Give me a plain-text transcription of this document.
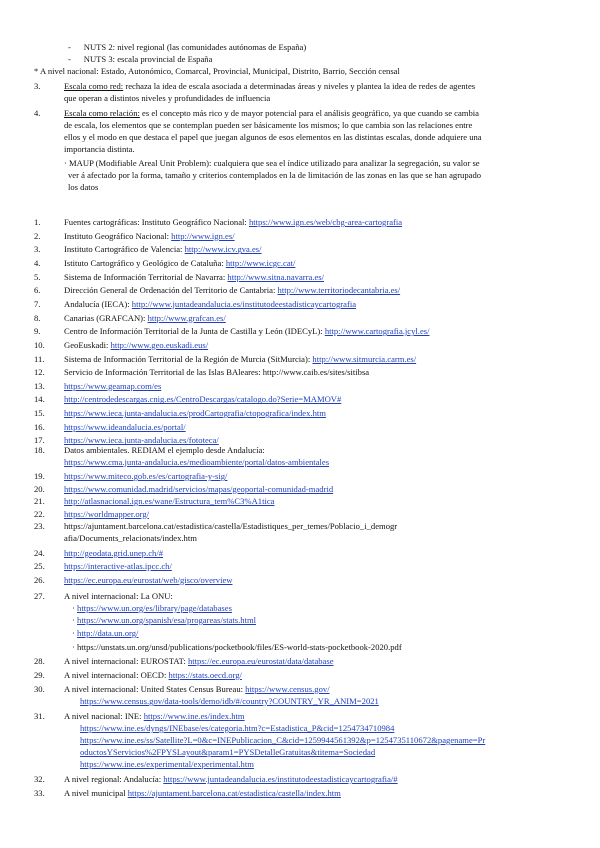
- NUTS 2: nivel regional (las comunidades autónomas de España)
- NUTS 3: escala provincial de España
* A nivel nacional: Estado, Autonómico, Comarcal, Provincial, Municipal, Distrito, Barrio, Sección censal
3.	Escala como red: rechaza la idea de escala asociada a determinadas áreas y niveles y plantea la idea de redes de agentes
que operan a distintos niveles y profundidades de influencia
4.	Escala como relación: es el concepto más rico y de mayor potencial para el análisis geográfico, ya que cuando se cambia
de escala, los elementos que se contemplan pueden ser básicamente los mismos; lo que cambia son las relaciones entre
ellos y el modo en que destaca el papel que juegan algunos de esos elementos en las distintas escalas, donde adquiere una
importancia distinta.
· MAUP (Modifiable Areal Unit Problem): cualquiera que sea el índice utilizado para analizar la segregación, su valor se
ver á afectado por la forma, tamaño y criterios contemplados en la de limitación de las zonas en las que se han agrupado
los datos
1.	Fuentes cartográficas: Instituto Geográfico Nacional: https://www.ign.es/web/cbg-area-cartografia
2.	Instituto Geográfico Nacional: http://www.ign.es/
3.	Instituto Cartográfico de Valencia: http://www.icv.gva.es/
4.	Istituto Cartográfico y Geológico de Cataluña: http://www.icgc.cat/
5.	Sistema de Información Territorial de Navarra: http://www.sitna.navarra.es/
6.	Dirección General de Ordenación del Territorio de Cantabria: http://www.territoriodecantabria.es/
7.	Andalucía (IECA): http://www.juntadeandalucia.es/institutodeestadisticaycartografia
8.	Canarias (GRAFCAN): http://www.grafcan.es/
9.	Centro de Información Territorial de la Junta de Castilla y León (IDECyL): http://www.cartografia.jcyl.es/
10. GeoEuskadi: http://www.geo.euskadi.eus/
11. Sistema de Información Territorial de la Región de Murcia (SitMurcia): http://www.sitmurcia.carm.es/
12. Servicio de Información Territorial de las Islas BAleares: http://www.caib.es/sites/sitibsa
13. https://www.geamap.com/es
14. http://centrodedescargas.cnig.es/CentroDescargas/catalogo.do?Serie=MAMOV#
15. https://www.ieca.junta-andalucia.es/prodCartografia/ctopografica/index.htm
16. https://www.ideandalucia.es/portal/
17. https://www.ieca.junta-andalucia.es/fototeca/
18. Datos ambientales. REDIAM el ejemplo desde Andalucía:
https://www.cma.junta-andalucia.es/medioambiente/portal/datos-ambientales
19. https://www.miteco.gob.es/es/cartografia-y-sig/
20. https://www.comunidad.madrid/servicios/mapas/geoportal-comunidad-madrid
21. http://atlasnacional.ign.es/wane/Estructura_tem%C3%A1tica
22. https://worldmapper.org/
23. https://ajuntament.barcelona.cat/estadistica/castella/Estadistiques_per_temes/Poblacio_i_demogr
afia/Documents_relacionats/index.htm
24. http://geodata.grid.unep.ch/#
25. https://interactive-atlas.ipcc.ch/
26. https://ec.europa.eu/eurostat/web/gisco/overview
27. A nivel internacional: La ONU:
· https://www.un.org/es/library/page/databases
· https://www.un.org/spanish/esa/progareas/stats.html
· http://data.un.org/
· https://unstats.un.org/unsd/publications/pocketbook/files/ES-world-stats-pocketbook-2020.pdf
28. A nivel internacional: EUROSTAT: https://ec.europa.eu/eurostat/data/database
29. A nivel internacional: OECD: https://stats.oecd.org/
30. A nivel internacional: United States Census Bureau: https://www.census.gov/
https://www.census.gov/data-tools/demo/idb/#/country?COUNTRY_YR_ANIM=2021
31. A nivel nacional: INE: https://www.ine.es/index.htm
https://www.ine.es/dyngs/INEbase/es/categoria.htm?c=Estadistica_P&cid=1254734710984
https://www.ine.es/ss/Satellite?L=0&c=INEPublicacion_C&cid=1259944561392&p=1254735110672&pagename=Pr
oductosYServicios%2FPYSLayout&param1=PYSDetalleGratuitas&titema=Sociedad
https://www.ine.es/experimental/experimental.htm
32. A nivel regional: Andalucía: https://www.juntadeandalucia.es/institutodeestadisticaycartografia/#
33. A nivel municipal https://ajuntament.barcelona.cat/estadistica/castella/index.htm
